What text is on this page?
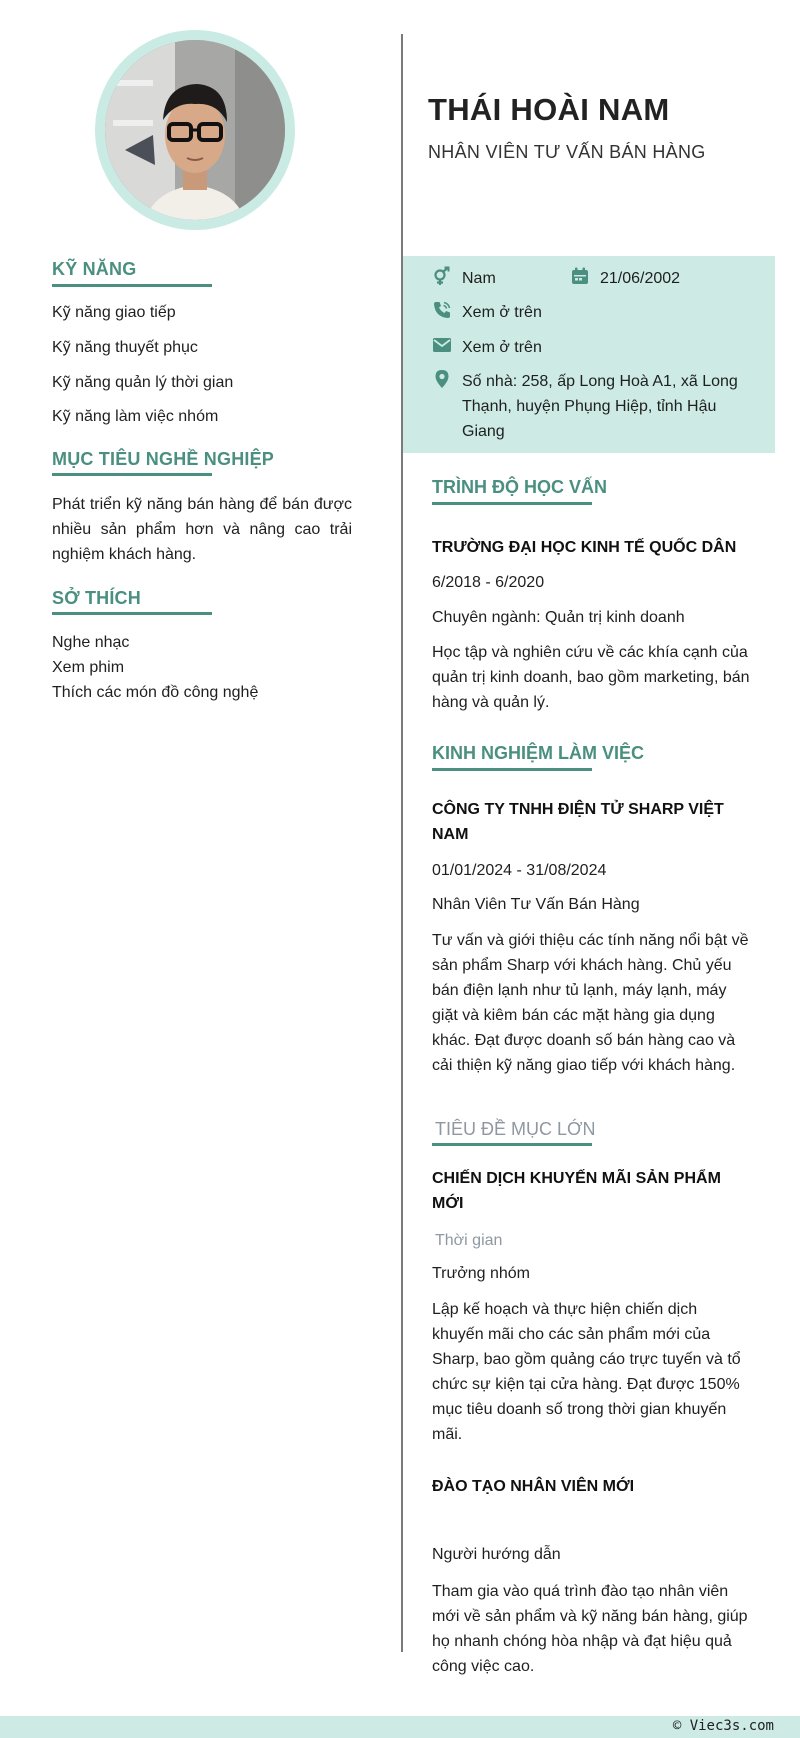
KỸ NĂNG
Kỹ năng giao tiếp
Kỹ năng thuyết phục
Kỹ năng quản lý thời gian
Kỹ năng làm việc nhóm
MỤC TIÊU NGHỀ NGHIỆP
Phát triển kỹ năng bán hàng để bán được nhiều sản phẩm hơn và nâng cao trải nghiệm khách hàng.
SỞ THÍCH
Nghe nhạc
Xem phim
Thích các món đồ công nghệ
THÁI HOÀI NAM
NHÂN VIÊN TƯ VẤN BÁN HÀNG
Nam	21/06/2002
Xem ở trên
Xem ở trên
Số nhà: 258, ấp Long Hoà A1, xã Long Thạnh, huyện Phụng Hiệp, tỉnh Hậu Giang
TRÌNH ĐỘ HỌC VẤN
TRƯỜNG ĐẠI HỌC KINH TẾ QUỐC DÂN
6/2018 - 6/2020
Chuyên ngành: Quản trị kinh doanh
Học tập và nghiên cứu về các khía cạnh của quản trị kinh doanh, bao gồm marketing, bán hàng và quản lý.
KINH NGHIỆM LÀM VIỆC
CÔNG TY TNHH ĐIỆN TỬ SHARP VIỆT NAM
01/01/2024 - 31/08/2024
Nhân Viên Tư Vấn Bán Hàng
Tư vấn và giới thiệu các tính năng nổi bật về sản phẩm Sharp với khách hàng. Chủ yếu bán điện lạnh như tủ lạnh, máy lạnh, máy giặt và kiêm bán các mặt hàng gia dụng khác. Đạt được doanh số bán hàng cao và cải thiện kỹ năng giao tiếp với khách hàng.
TIÊU ĐỀ MỤC LỚN
CHIẾN DỊCH KHUYẾN MÃI SẢN PHẨM MỚI
Thời gian
Trưởng nhóm
Lập kế hoạch và thực hiện chiến dịch khuyến mãi cho các sản phẩm mới của Sharp, bao gồm quảng cáo trực tuyến và tổ chức sự kiện tại cửa hàng. Đạt được 150% mục tiêu doanh số trong thời gian khuyến mãi.
ĐÀO TẠO NHÂN VIÊN MỚI
Người hướng dẫn
Tham gia vào quá trình đào tạo nhân viên mới về sản phẩm và kỹ năng bán hàng, giúp họ nhanh chóng hòa nhập và đạt hiệu quả công việc cao.
© Viec3s.com
